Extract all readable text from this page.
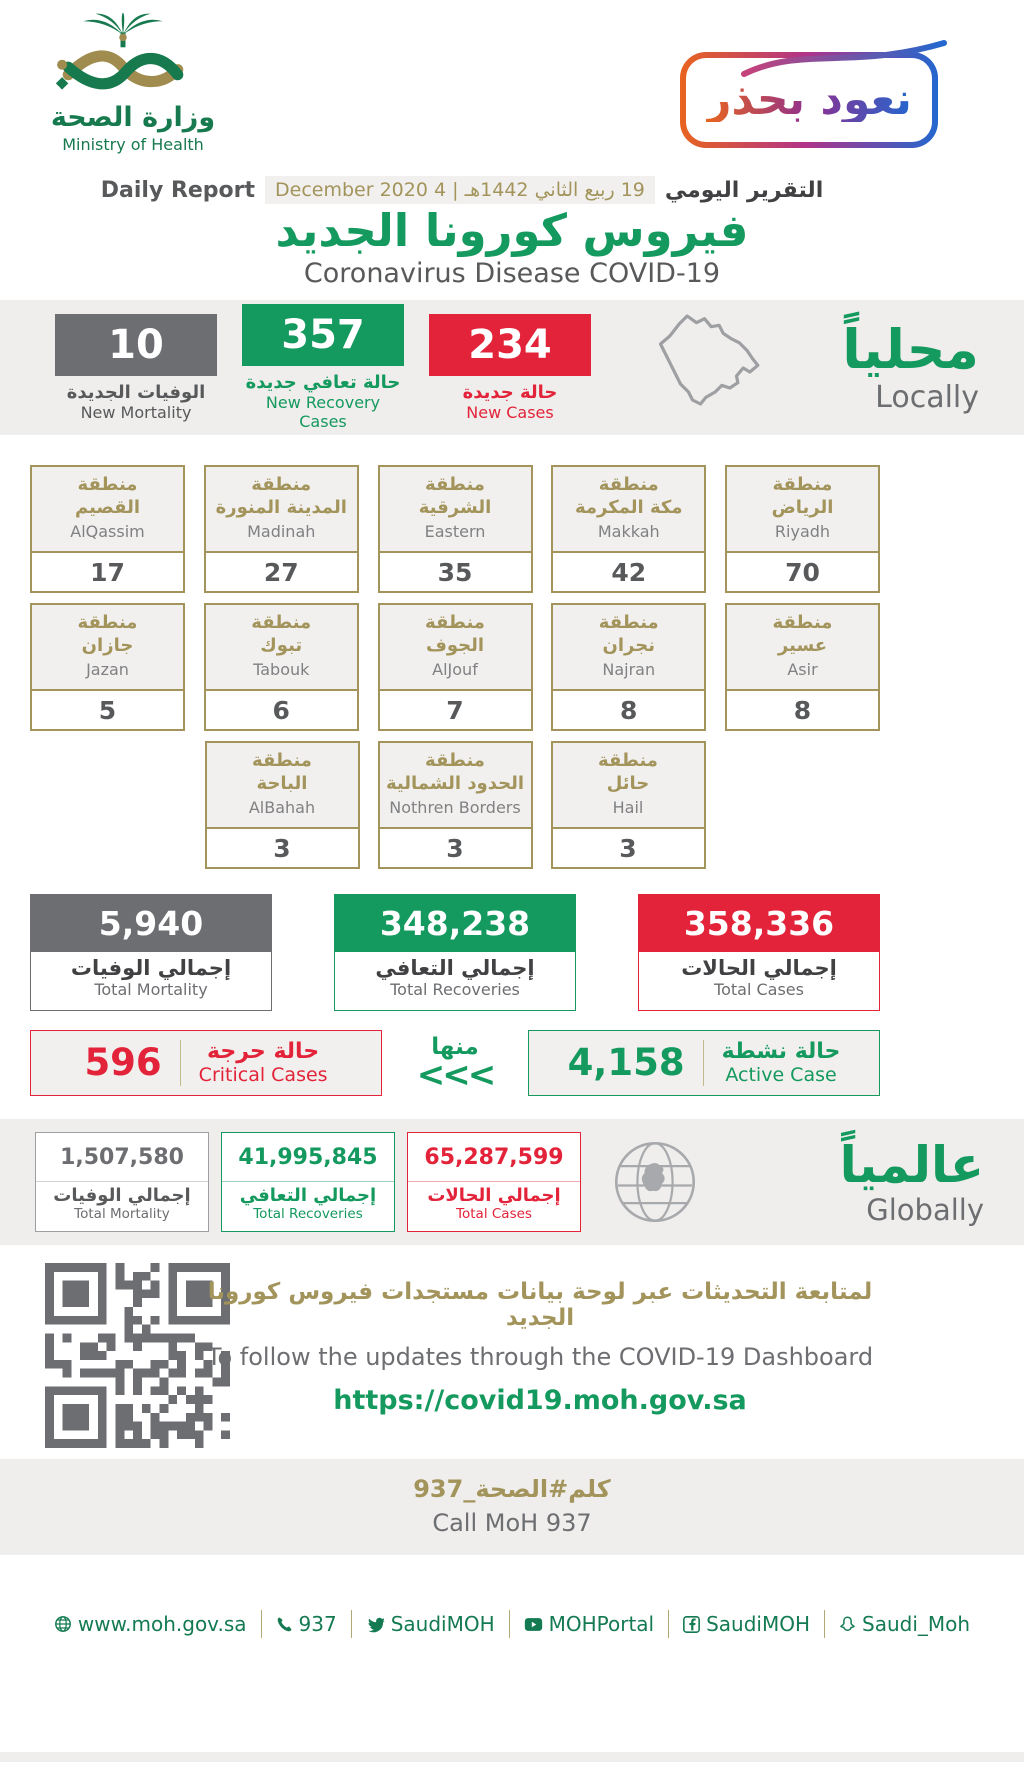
وزارة الصحة
Ministry of Health
نعود بحذر
Daily Report	19 ربيع الثاني 1442هـ | 4 December 2020 التقرير اليومي
فيروس كورونا الجديد
Coronavirus Disease COVID-19
10
الوفيات الجديدة
New Mortality
357
حالة تعافي جديدة
New Recovery Cases
234
حالة جديدة
New Cases
محلياً
Locally
منطقة
القصيم
AlQassim
17
منطقة
المدينة المنورة
Madinah
27
منطقة
الشرقية
Eastern
35
منطقة
مكة المكرمة
Makkah
42
منطقة
الرياض
Riyadh
70
منطقة
جازان
Jazan
5
منطقة
تبوك
Tabouk
6
منطقة
الجوف
AlJouf
7
منطقة
نجران
Najran
8
منطقة
عسير
Asir
8
منطقة
الباحة
AlBahah
3
منطقة
الحدود الشمالية
Nothren Borders
3
منطقة
حائل
Hail
3
5,940
إجمالي الوفيات
Total Mortality
348,238
إجمالي التعافي
Total Recoveries
358,336
إجمالي الحالات
Total Cases
596	حالة حرجة
Critical Cases
منها
<<< 4,158 حالة نشطة
Active Case
1,507,580
إجمالي الوفيات
Total Mortality
41,995,845
إجمالي التعافي
Total Recoveries
65,287,599
إجمالي الحالات
Total Cases
عالمياً
Globally
لمتابعة التحديثات عبر لوحة بيانات مستجدات فيروس كورونا الجديد
To follow the updates through the COVID-19 Dashboard
https://covid19.moh.gov.sa
كلم#الصحة_937
Call MoH 937
www.moh.gov.sa	937	SaudiMOH	MOHPortal	SaudiMOH	Saudi_Moh
